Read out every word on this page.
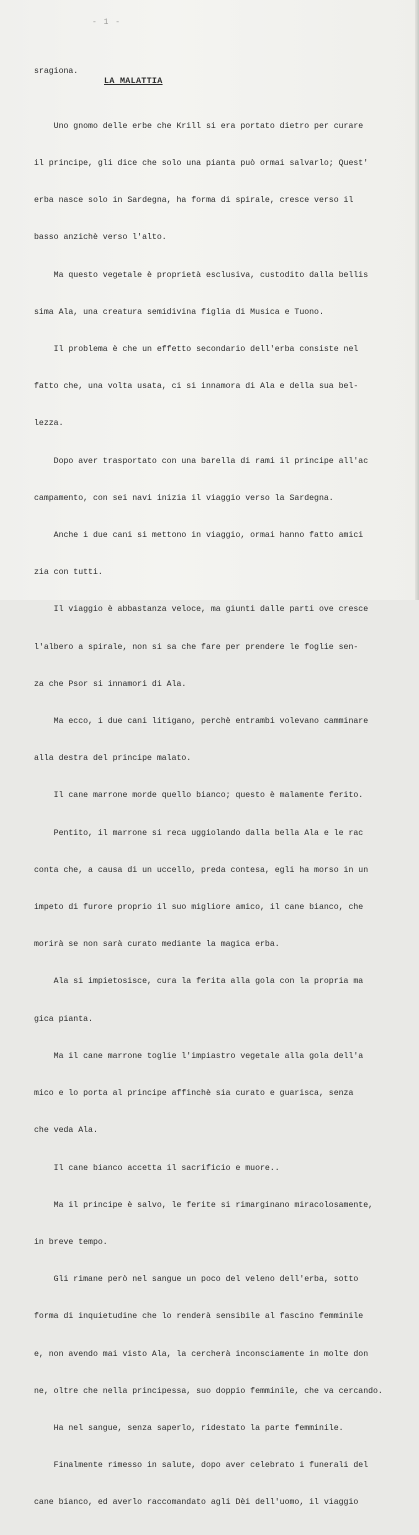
- 1 -

sragiona.

LA MALATTIA

Uno gnomo delle erbe che Krill si era portato dietro per curare

il principe, gli dice che solo una pianta può ormai salvarlo; Quest'

erba nasce solo in Sardegna, ha forma di spirale, cresce verso il

basso anzichè verso l'alto.

Ma questo vegetale è proprietà esclusiva, custodito dalla bellis

sima Ala, una creatura semidivina figlia di Musica e Tuono.

Il problema è che un effetto secondario dell'erba consiste nel

fatto che, una volta usata, ci si innamora di Ala e della sua bel-

lezza.

Dopo aver trasportato con una barella di rami il principe all'ac

campamento, con sei navi inizia il viaggio verso la Sardegna.

Anche i due cani si mettono in viaggio, ormai hanno fatto amici

zia con tutti.

Il viaggio è abbastanza veloce, ma giunti dalle parti ove cresce

l'albero a spirale, non si sa che fare per prendere le foglie sen-

za che Psor si innamori di Ala.

Ma ecco, i due cani litigano, perchè entrambi volevano camminare

alla destra del principe malato.

Il cane marrone morde quello bianco; questo è malamente ferito.

Pentito, il marrone si reca uggiolando dalla bella Ala e le rac

conta che, a causa di un uccello, preda contesa, egli ha morso in un

impeto di furore proprio il suo migliore amico, il cane bianco, che

morirà se non sarà curato mediante la magica erba.

Ala si impietosisce, cura la ferita alla gola con la propria ma

gica pianta.

Ma il cane marrone toglie l'impiastro vegetale alla gola dell'a

mico e lo porta al principe affinchè sia curato e guarisca, senza

che veda Ala.

Il cane bianco accetta il sacrificio e muore..

Ma il principe è salvo, le ferite si rimarginano miracolosamente,

in breve tempo.

Gli rimane però nel sangue un poco del veleno dell'erba, sotto

forma di inquietudine che lo renderà sensibile al fascino femminile

e, non avendo mai visto Ala, la cercherà inconsciamente in molte don

ne, oltre che nella principessa, suo doppio femminile, che va cercando.

Ha nel sangue, senza saperlo, ridestato la parte femminile.

Finalmente rimesso in salute, dopo aver celebrato i funerali del

cane bianco, ed averlo raccomandato agli Dèi dell'uomo, il viaggio
